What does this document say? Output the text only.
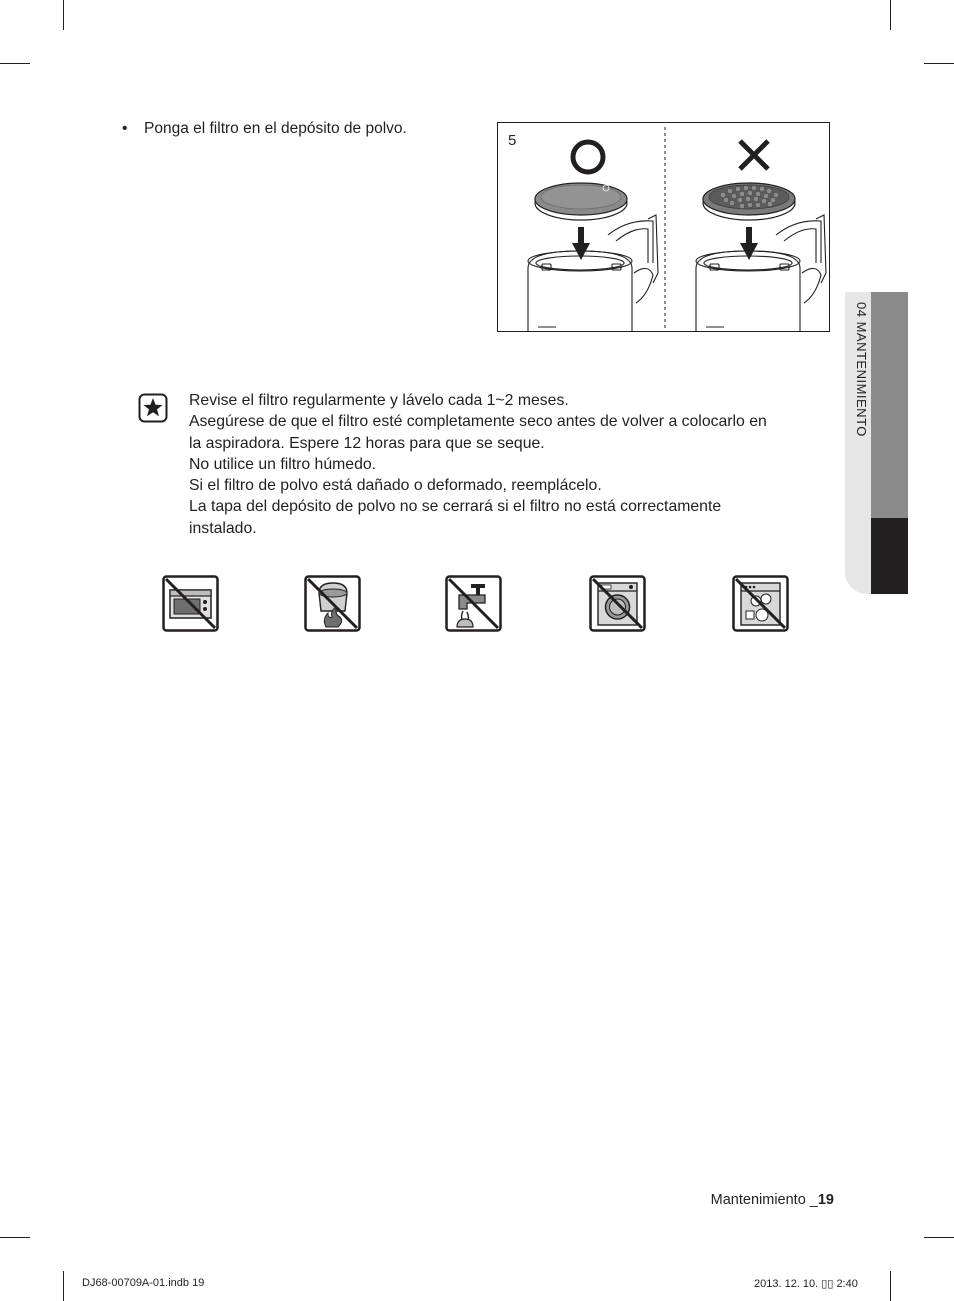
• Ponga el filtro en el depósito de polvo.
5
Revise el filtro regularmente y lávelo cada 1~2 meses.
Asegúrese de que el filtro esté completamente seco antes de volver a colocarlo en
la aspiradora. Espere 12 horas para que se seque.
No utilice un filtro húmedo.
Si el filtro de polvo está dañado o deformado, reemplácelo.
La tapa del depósito de polvo no se cerrará si el filtro no está correctamente
instalado.
04 MANTENIMIENTO
Mantenimiento _19
DJ68-00709A-01.indb 19	2013. 12. 10. ▯▯ 2:40
